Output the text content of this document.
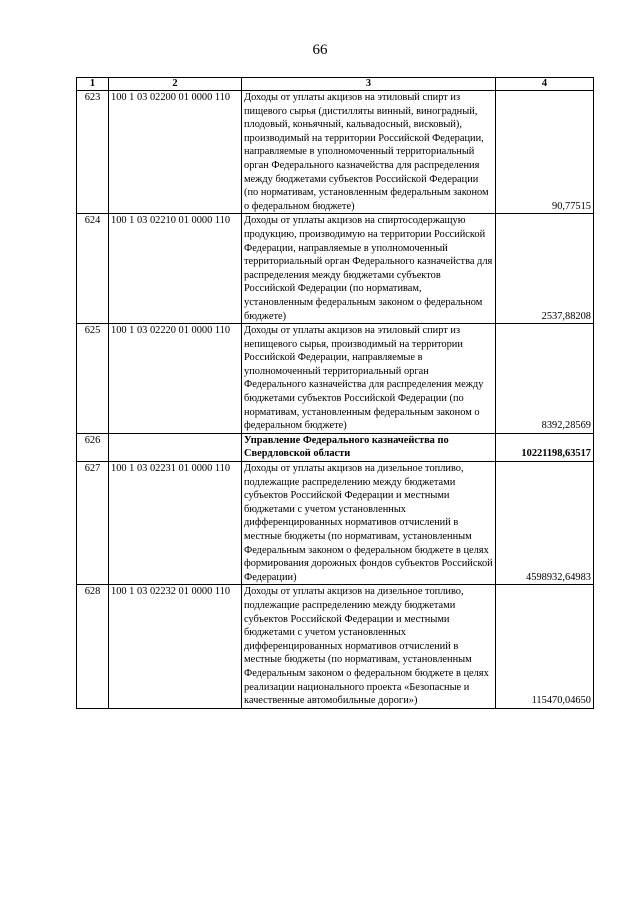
66
1	2	3	4
623	100 1 03 02200 01 0000 110	Доходы от уплаты акцизов на этиловый спирт из пищевого сырья (дистилляты винный, виноградный, плодовый, коньячный, кальвадосный, висковый), производимый на территории Российской Федерации, направляемые в уполномоченный территориальный орган Федерального казначейства для распределения между бюджетами субъектов Российской Федерации (по нормативам, установленным федеральным законом о федеральном бюджете)	90,77515
624	100 1 03 02210 01 0000 110	Доходы от уплаты акцизов на спиртосодержащую продукцию, производимую на территории Российской Федерации, направляемые в уполномоченный территориальный орган Федерального казначейства для распределения между бюджетами субъектов Российской Федерации (по нормативам, установленным федеральным законом о федеральном бюджете)	2537,88208
625	100 1 03 02220 01 0000 110	Доходы от уплаты акцизов на этиловый спирт из непищевого сырья, производимый на территории Российской Федерации, направляемые в уполномоченный территориальный орган Федерального казначейства для распределения между бюджетами субъектов Российской Федерации (по нормативам, установленным федеральным законом о федеральном бюджете)	8392,28569
626		Управление Федерального казначейства по Свердловской области	10221198,63517
627	100 1 03 02231 01 0000 110	Доходы от уплаты акцизов на дизельное топливо, подлежащие распределению между бюджетами субъектов Российской Федерации и местными бюджетами с учетом установленных дифференцированных нормативов отчислений в местные бюджеты (по нормативам, установленным Федеральным законом о федеральном бюджете в целях формирования дорожных фондов субъектов Российской Федерации)	4598932,64983
628	100 1 03 02232 01 0000 110	Доходы от уплаты акцизов на дизельное топливо, подлежащие распределению между бюджетами субъектов Российской Федерации и местными бюджетами с учетом установленных дифференцированных нормативов отчислений в местные бюджеты (по нормативам, установленным Федеральным законом о федеральном бюджете в целях реализации национального проекта «Безопасные и качественные автомобильные дороги»)	115470,04650
